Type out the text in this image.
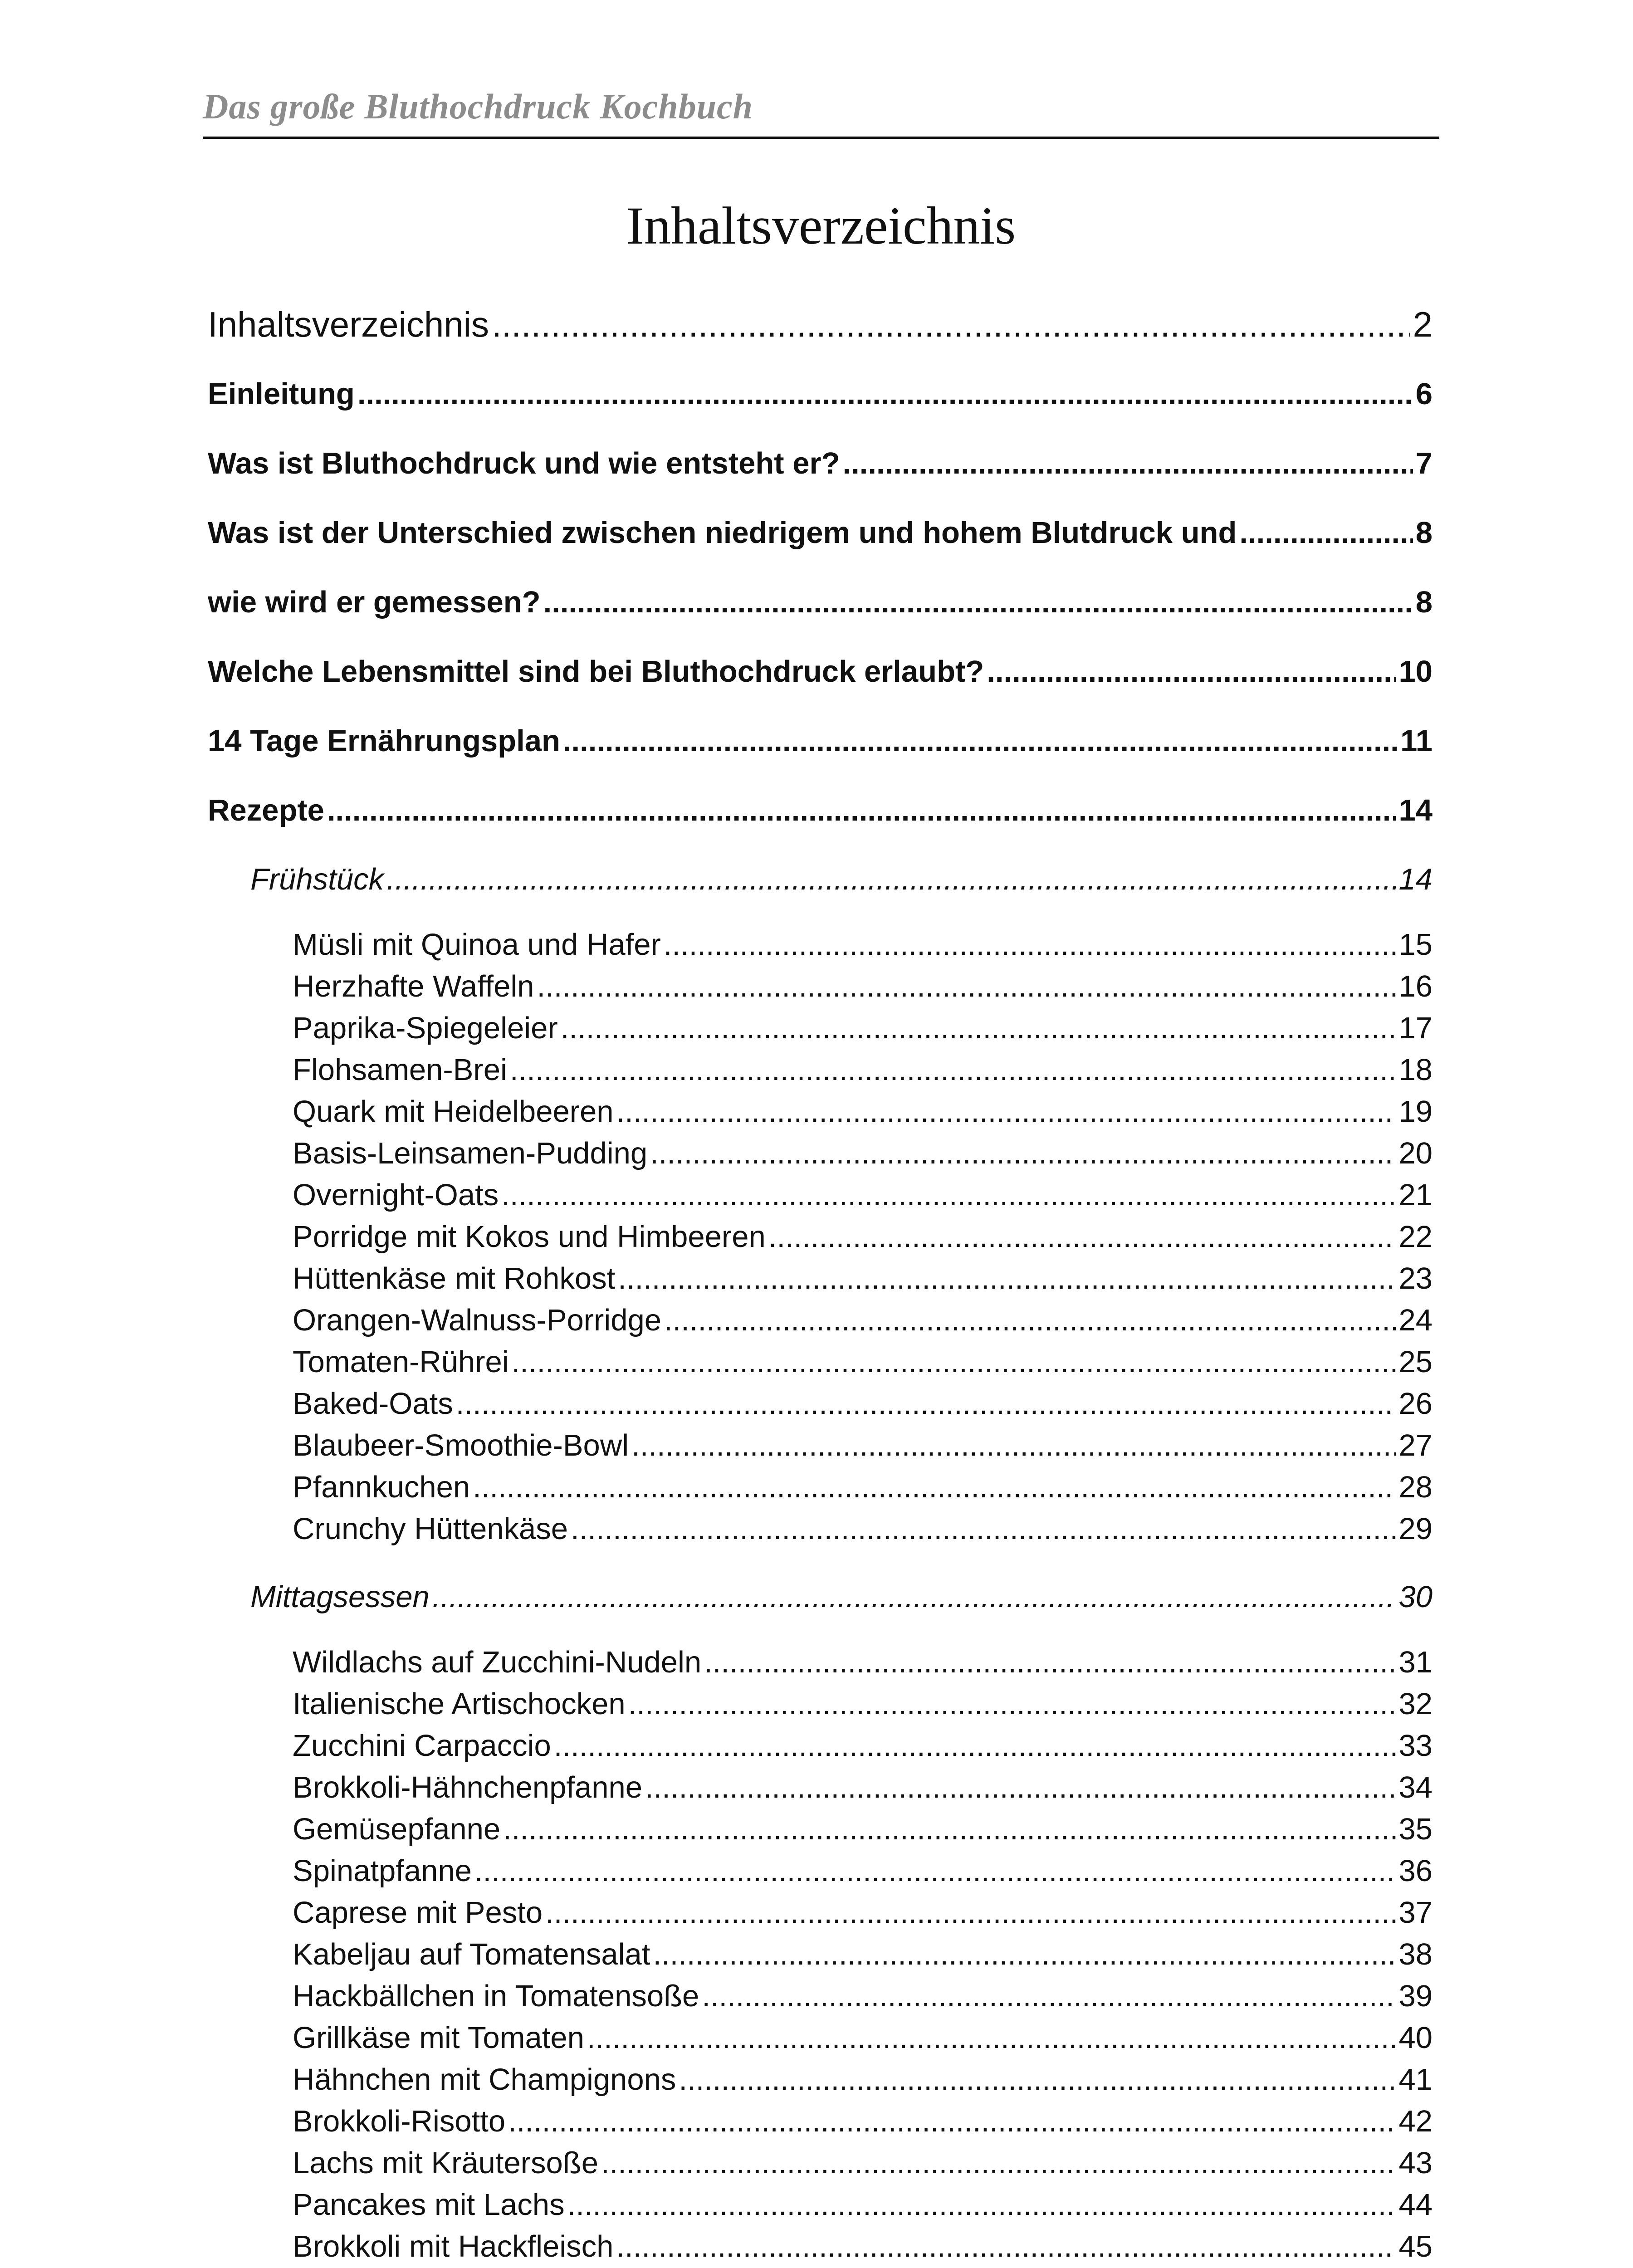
Das große Bluthochdruck Kochbuch
Inhaltsverzeichnis
Inhaltsverzeichnis .....	2
Einleitung .....	6
Was ist Bluthochdruck und wie entsteht er? .....	7
Was ist der Unterschied zwischen niedrigem und hohem Blutdruck und .....	8
wie wird er gemessen? .....	8
Welche Lebensmittel sind bei Bluthochdruck erlaubt? .....	10
14 Tage Ernährungsplan .....	11
Rezepte .....	14
Frühstück .....	14
Müsli mit Quinoa und Hafer .....	15
Herzhafte Waffeln .....	16
Paprika-Spiegeleier .....	17
Flohsamen-Brei .....	18
Quark mit Heidelbeeren .....	19
Basis-Leinsamen-Pudding .....	20
Overnight-Oats .....	21
Porridge mit Kokos und Himbeeren .....	22
Hüttenkäse mit Rohkost .....	23
Orangen-Walnuss-Porridge .....	24
Tomaten-Rührei .....	25
Baked-Oats .....	26
Blaubeer-Smoothie-Bowl .....	27
Pfannkuchen .....	28
Crunchy Hüttenkäse .....	29
Mittagsessen .....	30
Wildlachs auf Zucchini-Nudeln .....	31
Italienische Artischocken .....	32
Zucchini Carpaccio .....	33
Brokkoli-Hähnchenpfanne .....	34
Gemüsepfanne .....	35
Spinatpfanne .....	36
Caprese mit Pesto .....	37
Kabeljau auf Tomatensalat .....	38
Hackbällchen in Tomatensoße .....	39
Grillkäse mit Tomaten .....	40
Hähnchen mit Champignons .....	41
Brokkoli-Risotto .....	42
Lachs mit Kräutersoße .....	43
Pancakes mit Lachs .....	44
Brokkoli mit Hackfleisch .....	45
